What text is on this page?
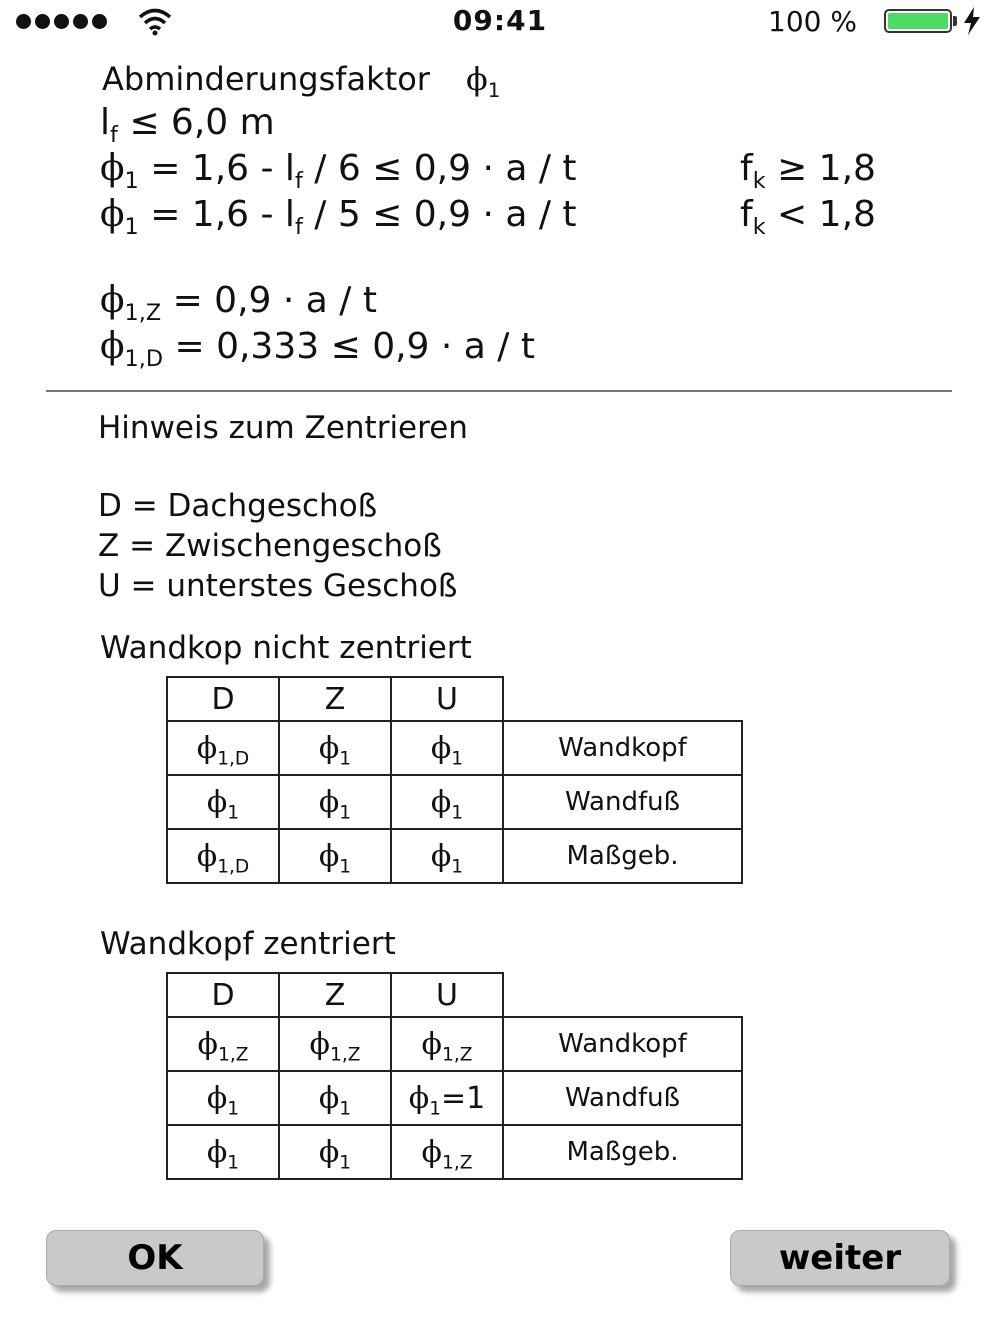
09:41	100 %
Abminderungsfaktor $\phi_1$
$l_f \le 6,0$ m
$\phi_1 = 1,6 - l_f / 6 \le 0,9 \cdot a / t$	$f_k \ge 1,8$
$\phi_1 = 1,6 - l_f / 5 \le 0,9 \cdot a / t$	$f_k < 1,8$
$\phi_{1,Z} = 0,9 \cdot a / t$
$\phi_{1,D} = 0,333 \le 0,9 \cdot a / t$
Hinweis zum Zentrieren
D = Dachgeschoß
Z = Zwischengeschoß
U = unterstes Geschoß
Wandkop nicht zentriert
D	Z	U	
$\phi_{1,D}$	$\phi_1$	$\phi_1$	Wandkopf
$\phi_1$	$\phi_1$	$\phi_1$	Wandfuß
$\phi_{1,D}$	$\phi_1$	$\phi_1$	Maßgeb.
Wandkopf zentriert
D	Z	U	
$\phi_{1,Z}$	$\phi_{1,Z}$	$\phi_{1,Z}$	Wandkopf
$\phi_1$	$\phi_1$	$\phi_1=1$	Wandfuß
$\phi_1$	$\phi_1$	$\phi_{1,Z}$	Maßgeb.
OK	weiter
